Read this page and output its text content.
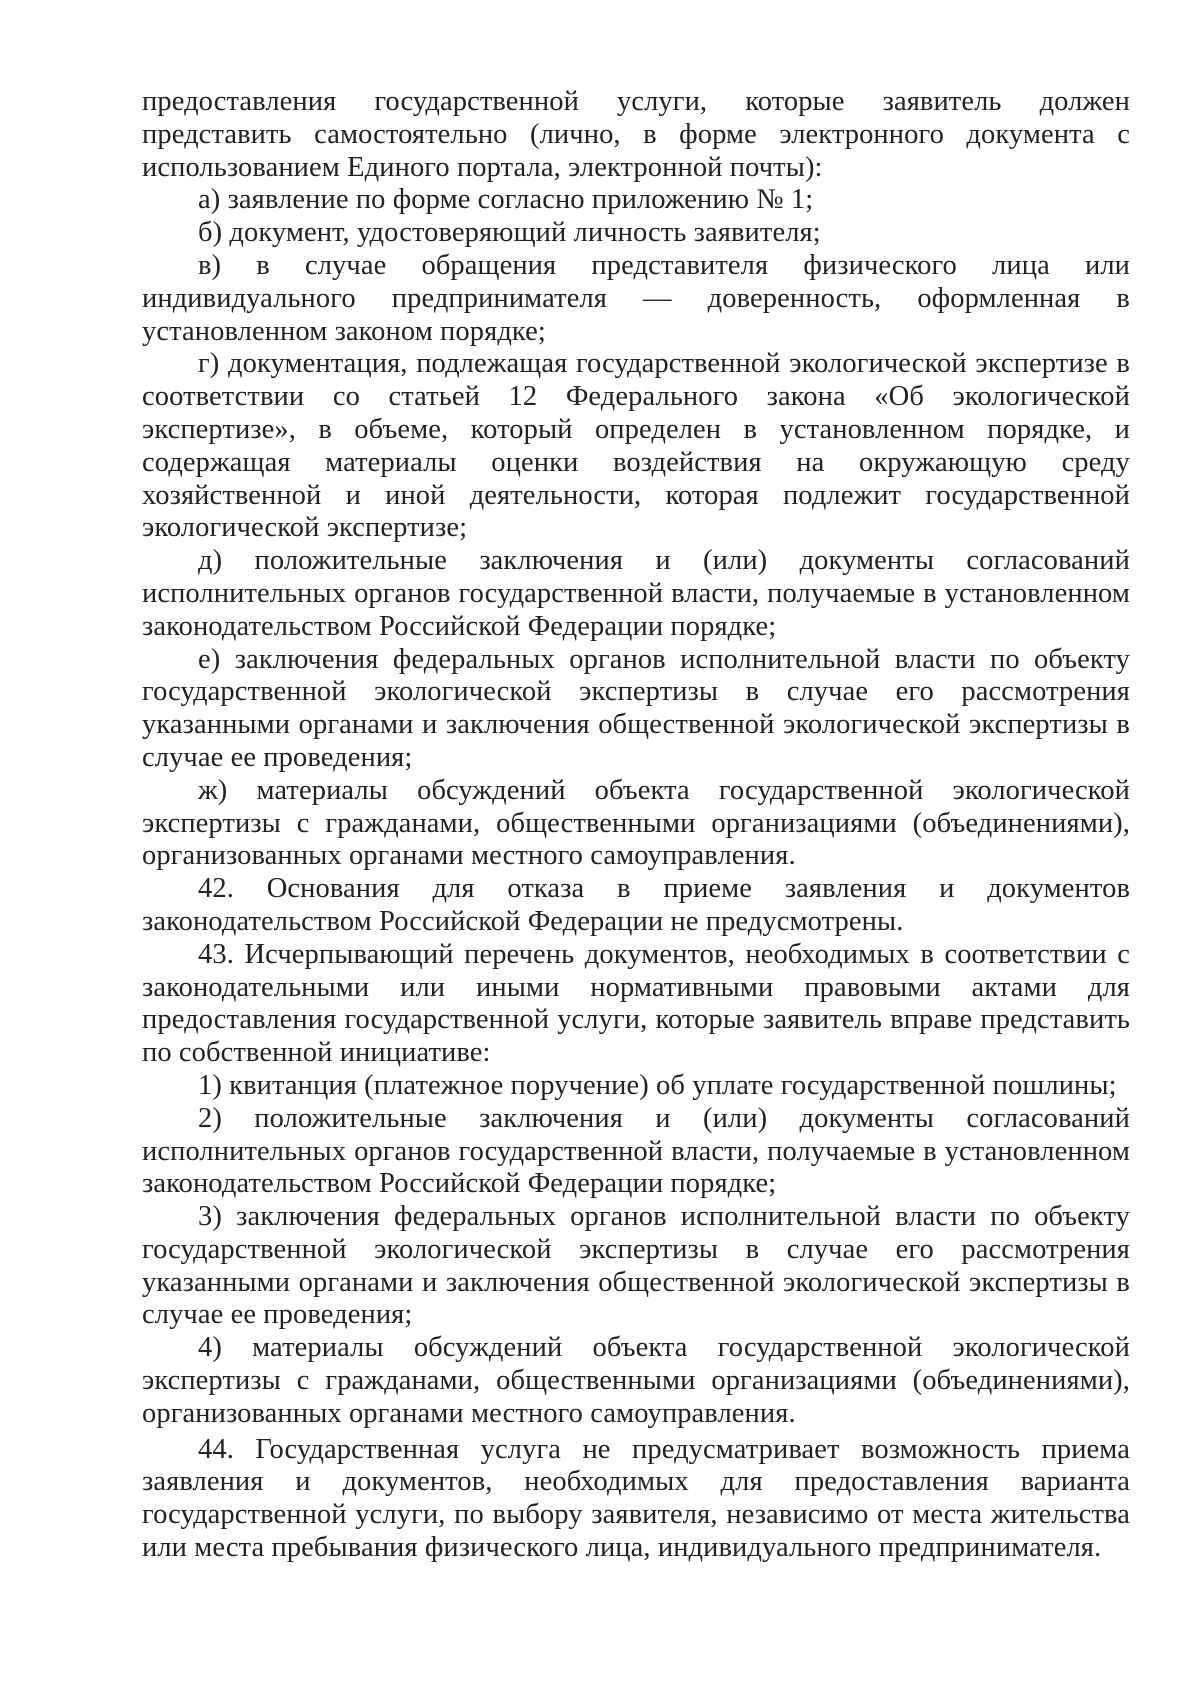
предоставления государственной услуги, которые заявитель должен представить самостоятельно (лично, в форме электронного документа с использованием Единого портала, электронной почты):

а) заявление по форме согласно приложению № 1;

б) документ, удостоверяющий личность заявителя;

в) в случае обращения представителя физического лица или индивидуального предпринимателя — доверенность, оформленная в установленном законом порядке;

г) документация, подлежащая государственной экологической экспертизе в соответствии со статьей 12 Федерального закона «Об экологической экспертизе», в объеме, который определен в установленном порядке, и содержащая материалы оценки воздействия на окружающую среду хозяйственной и иной деятельности, которая подлежит государственной экологической экспертизе;

д) положительные заключения и (или) документы согласований исполнительных органов государственной власти, получаемые в установленном законодательством Российской Федерации порядке;

е) заключения федеральных органов исполнительной власти по объекту государственной экологической экспертизы в случае его рассмотрения указанными органами и заключения общественной экологической экспертизы в случае ее проведения;

ж) материалы обсуждений объекта государственной экологической экспертизы с гражданами, общественными организациями (объединениями), организованных органами местного самоуправления.

42. Основания для отказа в приеме заявления и документов законодательством Российской Федерации не предусмотрены.

43. Исчерпывающий перечень документов, необходимых в соответствии с законодательными или иными нормативными правовыми актами для предоставления государственной услуги, которые заявитель вправе представить по собственной инициативе:

1) квитанция (платежное поручение) об уплате государственной пошлины;

2) положительные заключения и (или) документы согласований исполнительных органов государственной власти, получаемые в установленном законодательством Российской Федерации порядке;

3) заключения федеральных органов исполнительной власти по объекту государственной экологической экспертизы в случае его рассмотрения указанными органами и заключения общественной экологической экспертизы в случае ее проведения;

4) материалы обсуждений объекта государственной экологической экспертизы с гражданами, общественными организациями (объединениями), организованных органами местного самоуправления.

44. Государственная услуга не предусматривает возможность приема заявления и документов, необходимых для предоставления варианта государственной услуги, по выбору заявителя, независимо от места жительства или места пребывания физического лица, индивидуального предпринимателя.
